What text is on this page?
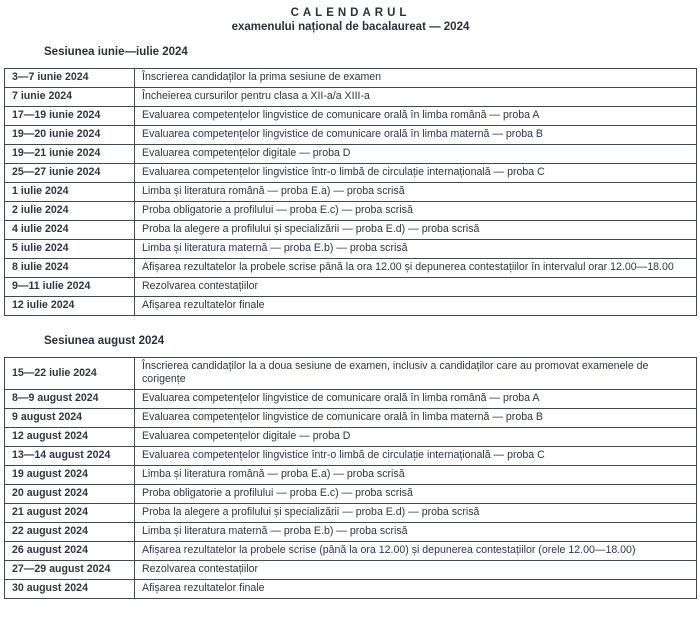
CALENDARUL
examenului național de bacalaureat — 2024
Sesiunea iunie—iulie 2024
3—7 iunie 2024	Înscrierea candidaților la prima sesiune de examen
7 iunie 2024	Încheierea cursurilor pentru clasa a XII-a/a XIII-a
17—19 iunie 2024	Evaluarea competențelor lingvistice de comunicare orală în limba română — proba A
19—20 iunie 2024	Evaluarea competențelor lingvistice de comunicare orală în limba maternă — proba B
19—21 iunie 2024	Evaluarea competențelor digitale — proba D
25—27 iunie 2024	Evaluarea competențelor lingvistice într-o limbă de circulație internațională — proba C
1 iulie 2024	Limba și literatura română — proba E.a) — proba scrisă
2 iulie 2024	Proba obligatorie a profilului — proba E.c) — proba scrisă
4 iulie 2024	Proba la alegere a profilului și specializării — proba E.d) — proba scrisă
5 iulie 2024	Limba și literatura maternă — proba E.b) — proba scrisă
8 iulie 2024	Afișarea rezultatelor la probele scrise până la ora 12.00 și depunerea contestațiilor în intervalul orar 12.00—18.00
9—11 iulie 2024	Rezolvarea contestațiilor
12 iulie 2024	Afișarea rezultatelor finale
Sesiunea august 2024
15—22 iulie 2024	Înscrierea candidaților la a doua sesiune de examen, inclusiv a candidaților care au promovat examenele de corigențe
8—9 august 2024	Evaluarea competențelor lingvistice de comunicare orală în limba română — proba A
9 august 2024	Evaluarea competențelor lingvistice de comunicare orală în limba maternă — proba B
12 august 2024	Evaluarea competențelor digitale — proba D
13—14 august 2024	Evaluarea competențelor lingvistice într-o limbă de circulație internațională — proba C
19 august 2024	Limba și literatura română — proba E.a) — proba scrisă
20 august 2024	Proba obligatorie a profilului — proba E.c) — proba scrisă
21 august 2024	Proba la alegere a profilului și specializării — proba E.d) — proba scrisă
22 august 2024	Limba și literatura maternă — proba E.b) — proba scrisă
26 august 2024	Afișarea rezultatelor la probele scrise (până la ora 12.00) și depunerea contestațiilor (orele 12.00—18.00)
27—29 august 2024	Rezolvarea contestațiilor
30 august 2024	Afișarea rezultatelor finale
